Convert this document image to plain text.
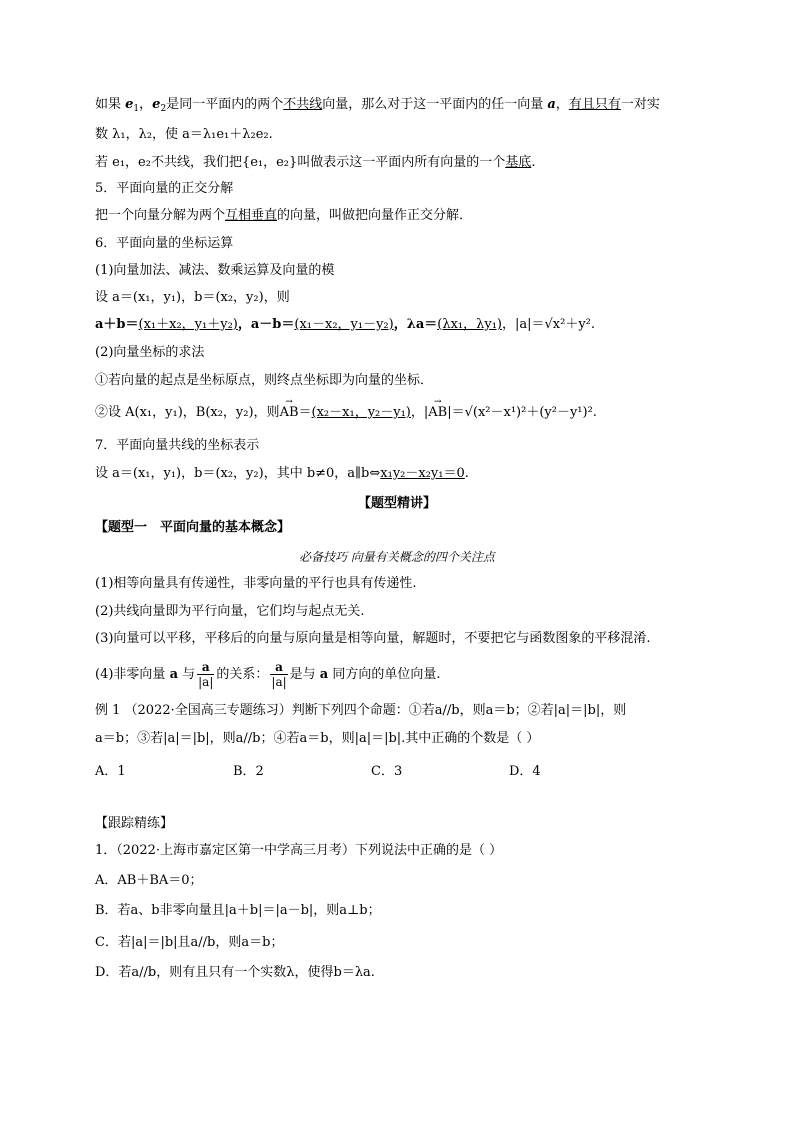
如果 $e_1$，$e_2$是同一平面内的两个不共线向量，那么对于这一平面内的任一向量 a，有且只有一对实
数 λ₁，λ₂，使 a＝λ₁e₁＋λ₂e₂.
若 e₁，e₂不共线，我们把{e₁，e₂}叫做表示这一平面内所有向量的一个基底.
5．平面向量的正交分解
把一个向量分解为两个互相垂直的向量，叫做把向量作正交分解．
6．平面向量的坐标运算
(1)向量加法、减法、数乘运算及向量的模
设 a＝(x₁，y₁)，b＝(x₂，y₂)，则
a＋b＝(x₁＋x₂，y₁＋y₂)，a－b＝(x₁－x₂，y₁－y₂)，λa＝(λx₁，λy₁)，|a|＝√x²＋y².
(2)向量坐标的求法
①若向量的起点是坐标原点，则终点坐标即为向量的坐标．
②设 A(x₁，y₁)，B(x₂，y₂)，则→ AB＝(x₂－x₁，y₂－y₁)，|→ AB|＝√(x²－x¹)²＋(y²－y¹)².
7．平面向量共线的坐标表示
设 a＝(x₁，y₁)，b＝(x₂，y₂)，其中 b≠0，a∥b⇔x₁y₂－x₂y₁＝0.
【题型精讲】
【题型一　平面向量的基本概念】
必备技巧 向量有关概念的四个关注点
(1)相等向量具有传递性，非零向量的平行也具有传递性.
(2)共线向量即为平行向量，它们均与起点无关.
(3)向量可以平移，平移后的向量与原向量是相等向量，解题时，不要把它与函数图象的平移混淆.
(4)非零向量 a 与 $\frac{a}{|a|}$ 的关系： $\frac{a}{|a|}$ 是与 a 同方向的单位向量.
例 1 （2022·全国高三专题练习）判断下列四个命题：①若a//b，则a＝b；②若|a|＝|b|，则
a＝b；③若|a|＝|b|，则a//b；④若a＝b，则|a|＝|b|.其中正确的个数是（ ）
A．1	B．2	C．3	D．4
【跟踪精练】
1．（2022·上海市嘉定区第一中学高三月考）下列说法中正确的是（ ）
A．AB＋BA＝0；
B．若a、b非零向量且|a＋b|＝|a－b|，则a⊥b；
C．若|a|＝|b|且a//b，则a＝b；
D．若a//b，则有且只有一个实数λ，使得b＝λa.
